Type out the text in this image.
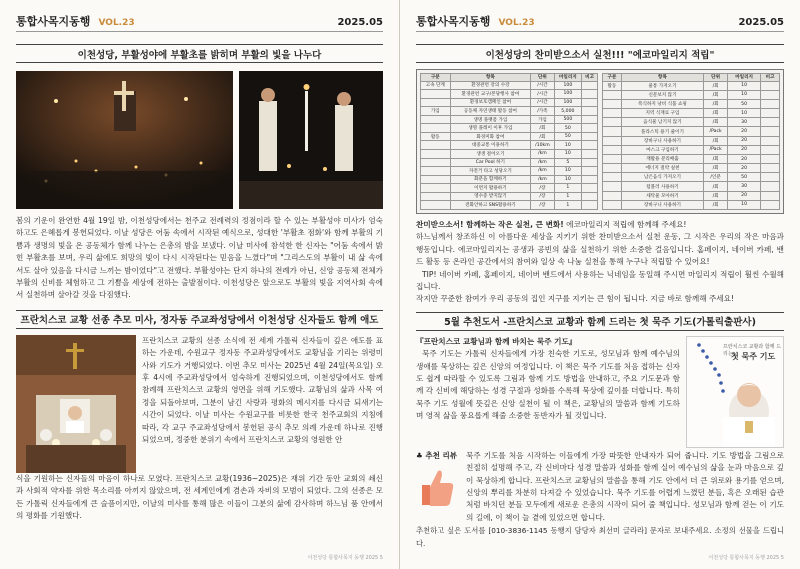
통합사목지동행 VOL.23	2025.05
이천성당, 부활성야에 부활초를 밝히며 부활의 빛을 나누다

봄의 기운이 완연한 4월 19일 밤, 이천성당에서는 천주교 전례력의 정점이라 할 수 있는 부활성야 미사가 엄숙하고도 은혜롭게 봉헌되었다. 이날 성당은 어둠 속에서 시작된 예식으로, 성대한 '부활초 점화'와 함께 부활의 기쁨과 생명의 빛을 온 공동체가 함께 나누는 은총의 밤을 보냈다. 이날 미사에 참석한 한 신자는 "어둠 속에서 밝힌 부활초를 보며, 우리 삶에도 희망의 빛이 다시 시작된다는 믿음을 느꼈다"며 "그리스도의 부활이 내 삶 속에서도 살아 있음을 다시금 느끼는 밤이었다"고 전했다. 부활성야는 단지 하나의 전례가 아닌, 신앙 공동체 전체가 부활의 신비를 체험하고 그 기쁨을 세상에 전하는 출발점이다. 이천성당은 앞으로도 부활의 빛을 지역사회 속에서 실천하며 살아갈 것을 다짐했다.

프란치스코 교황 선종 추모 미사, 정자동 주교좌성당에서 이천성당 신자들도 함께 애도

프란치스코 교황의 선종 소식에 전 세계 가톨릭 신자들이 깊은 애도를 표하는 가운데, 수원교구 정자동 주교좌성당에서도 교황님을 기리는 위령미사와 기도가 거행되었다. 이번 추모 미사는 2025년 4월 24일(목요일) 오후 4시에 주교좌성당에서 엄숙하게 진행되었으며, 이천성당에서도 함께 참례해 프란치스코 교황의 영면을 위해 기도했다. 교황님의 삶과 사목 여정을 되돌아보며, 그분이 남긴 사랑과 평화의 메시지를 다시금 되새기는 시간이 되었다. 이날 미사는 수원교구를 비롯한 한국 천주교회의 지침에 따라, 각 교구 주교좌성당에서 봉헌된 공식 추모 의례 가운데 하나로 진행되었으며, 정중한 분위기 속에서 프란치스코 교황의 영원한 안

식을 기원하는 신자들의 마음이 하나로 모였다. 프란치스코 교황(1936~2025)은 재위 기간 동안 교회의 쇄신과 사회적 약자를 위한 목소리를 아끼지 않았으며, 전 세계인에게 겸손과 자비의 모범이 되었다. 그의 선종은 모든 가톨릭 신자들에게 큰 슬픔이지만, 이날의 미사를 통해 많은 이들이 그분의 삶에 감사하며 하느님 품 안에서의 평화를 기원했다.

이천성당 통합사목지 동행 2025 5
통합사목지동행 VOL.23	2025.05
이천성당의 찬미받으소서 실천!!! "에코마일리지 적립"
구분	항목	단위	마일리지	비고
고속 단계	환경관련 강의 수강	/시간	100	
	환경관련 교구/본당행사 참여	/시간	100	
	환경보호캠페인 참여	/시간	100	
가입	공동체 자연생태 활동 참여	/가족	5,000	
	생명 플랫폼 가입	가입	500	
	생명 플레이 이후 가입	/회	50	
활동	화경미화 참여	/회	50	
	대중교통 이용하기	/10km	10	
	생생 걸어오기	/km	10	
	Car Pool 하기	/km	5	
	자전거 타고 성당오기	/km	10	
	화분을 함께하기	/km	10	
	이면지 활용하기	/장	1	
	영수증 받지않기	/장	1	
	전화안하고 SNS활용하기	/장	1	
구분	항목	단위	마일리지	비고
활동	물통 가져오기	/회	10	
	신문보지 않기	/회	10	
	폭식하지 낭비 식품 쇼핑	/회	50	
	지역 식재료 구입	/회	10	
	음식물 남기지 않기	/회	30	
	플라스틱 용기 줄이기	/Pack	20	
	장바구니 사용하기	/회	20	
	마스크 구입하기	/Pack	20	
	재활용 분리배출	/회	20	
	에너지 절약 실천	/회	20	
	남은음식 가져오기	/인분	50	
	텀블러 사용하기	/회	30	
	세탁물 모아하기	/회	20	
	장바구니 사용하기	/회	10	

찬미받으소서! 함께하는 작은 실천, 큰 변화! 에코마일리지 적립에 함께해 주세요!

하느님께서 창조하신 이 아름다운 세상을 지키기 위한 찬미받으소서 실천 운동, 그 시작은 우리의 작은 마음과 행동입니다. 에코마일리지는 공생과 공빈의 삶을 실천하기 위한 소중한 걸음입니다. 홈페이지, 네이버 카페, 밴드 활동 등 온라인 공간에서의 참여와 일상 속 나눔 실천을 통해 누구나 적립할 수 있어요!

TIP! 네이버 카페, 홈페이지, 네이버 밴드에서 사용하는 닉네임을 동일해 주시면 마일리지 적립이 훨씬 수월해집니다.

작지만 꾸준한 참여가 우리 공동의 집인 지구를 지키는 큰 힘이 됩니다. 지금 바로 함께해 주세요!

5월 추천도서 -프란치스코 교황과 함께 드리는 첫 묵주 기도(가톨릭출판사)

『프란치스코 교황님과 함께 바치는 묵주 기도』

묵주 기도는 가톨릭 신자들에게 가장 친숙한 기도로, 성모님과 함께 예수님의 생애를 묵상하는 깊은 신앙의 여정입니다. 이 책은 묵주 기도를 처음 접하는 신자도 쉽게 따라할 수 있도록 그림과 함께 기도 방법을 안내하고, 주요 기도문과 함께 각 신비에 해당하는 성경 구절과 성화를 수록해 묵상에 깊이를 더합니다. 특히 묵주 기도 성월에 뜻깊은 신앙 실천이 될 이 책은, 교황님의 말씀과 함께 기도하며 영적 삶을 풍요롭게 해줄 소중한 동반자가 될 것입니다.

프란치스코 교황과 함께 드리는
첫 묵주 기도
♣ 추천 리뷰	묵주 기도를 처음 시작하는 이들에게 가장 따뜻한 안내자가 되어 줍니다. 기도 방법을 그림으로 친절히 설명해 주고, 각 신비마다 성경 말씀과 성화를 함께 실어 예수님의 삶을 눈과 마음으로 깊이 묵상하게 합니다. 프란치스코 교황님의 말씀을 통해 기도 안에서 더 큰 위로와 용기를 얻으며, 신앙의 뿌리를 차분히 다져갈 수 있었습니다. 묵주 기도를 어렵게 느꼈던 분들, 혹은 오래된 습관처럼 바치던 분들 모두에게 새로운 은총의 시작이 되어 줄 책입니다. 성모님과 함께 걷는 이 기도의 길에, 이 책이 늘 곁에 있었으면 합니다.

추천하고 싶은 도서를 [010-3836-1145 동행지 담당자 최선미 글라라] 문자로 보내주세요. 소정의 선물을 드립니다.

이천성당 통합사목지 동행 2025 5
